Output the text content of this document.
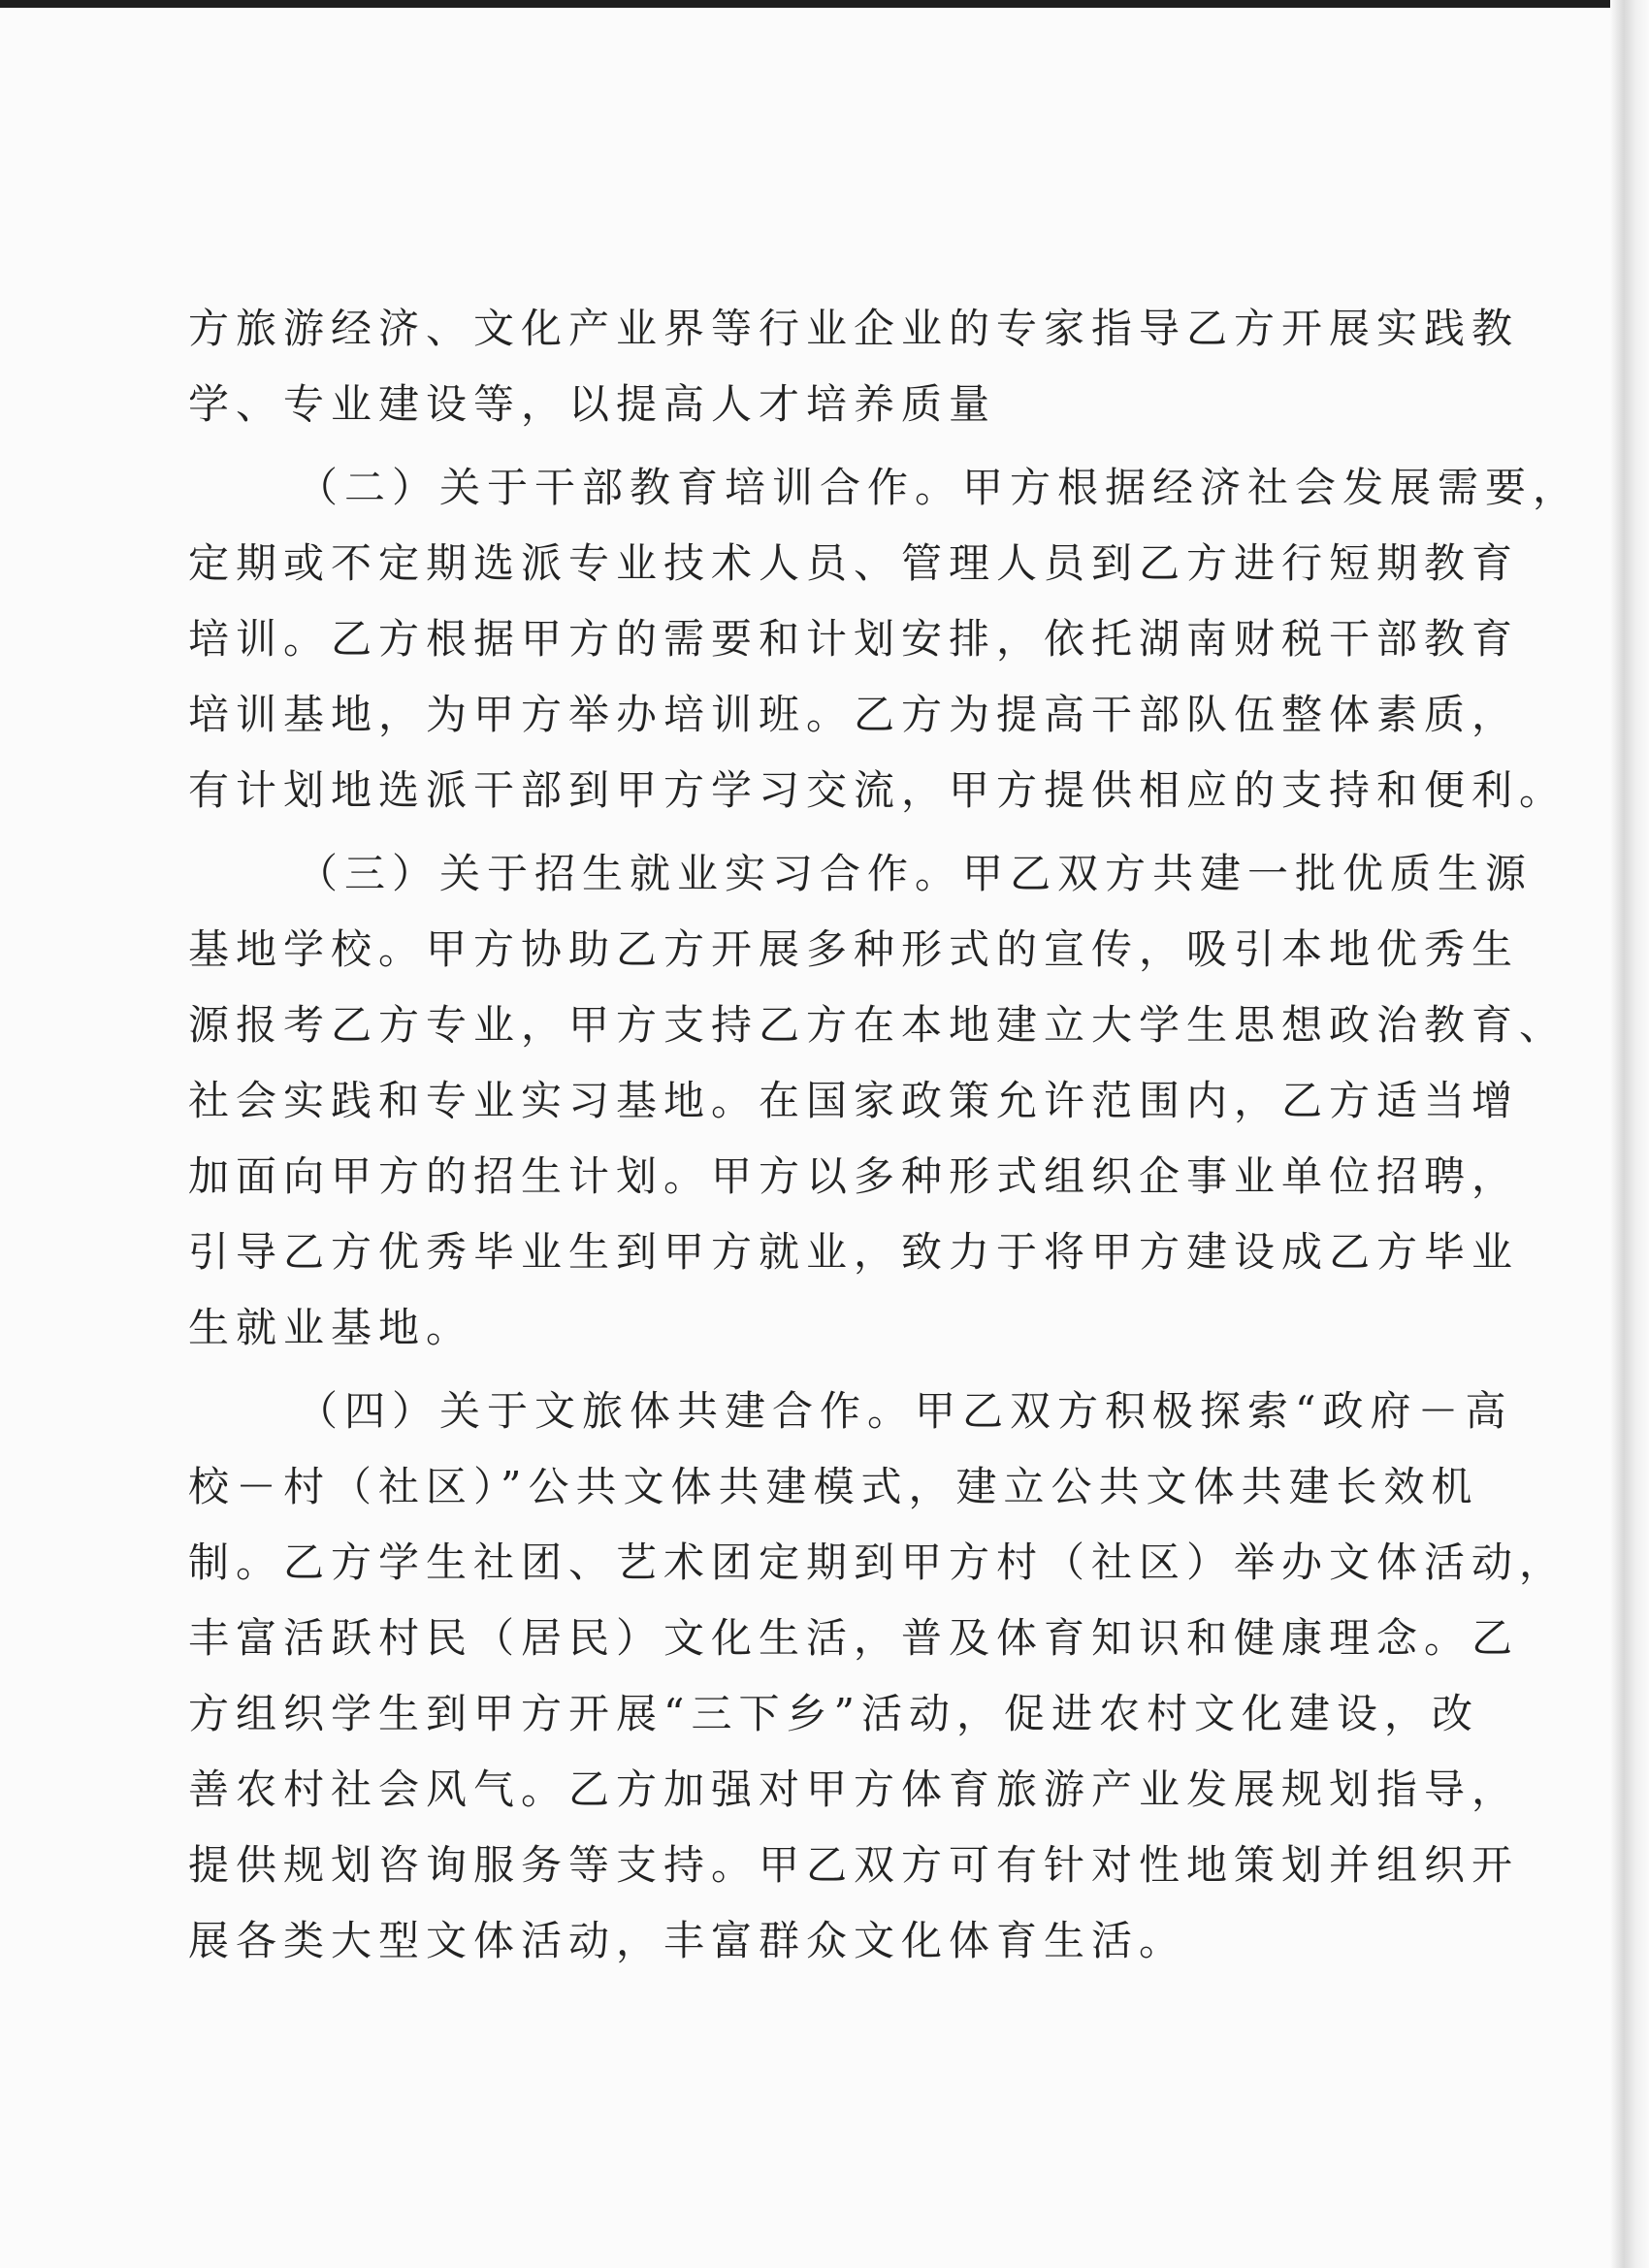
方旅游经济、文化产业界等行业企业的专家指导乙方开展实践教
学、专业建设等，以提高人才培养质量
（二）关于干部教育培训合作。甲方根据经济社会发展需要，
定期或不定期选派专业技术人员、管理人员到乙方进行短期教育
培训。乙方根据甲方的需要和计划安排，依托湖南财税干部教育
培训基地，为甲方举办培训班。乙方为提高干部队伍整体素质，
有计划地选派干部到甲方学习交流，甲方提供相应的支持和便利。
（三）关于招生就业实习合作。甲乙双方共建一批优质生源
基地学校。甲方协助乙方开展多种形式的宣传，吸引本地优秀生
源报考乙方专业，甲方支持乙方在本地建立大学生思想政治教育、
社会实践和专业实习基地。在国家政策允许范围内，乙方适当增
加面向甲方的招生计划。甲方以多种形式组织企事业单位招聘，
引导乙方优秀毕业生到甲方就业，致力于将甲方建设成乙方毕业
生就业基地。
（四）关于文旅体共建合作。甲乙双方积极探索“政府－高
校－村（社区）”公共文体共建模式，建立公共文体共建长效机
制。乙方学生社团、艺术团定期到甲方村（社区）举办文体活动，
丰富活跃村民（居民）文化生活，普及体育知识和健康理念。乙
方组织学生到甲方开展“三下乡”活动，促进农村文化建设，改
善农村社会风气。乙方加强对甲方体育旅游产业发展规划指导，
提供规划咨询服务等支持。甲乙双方可有针对性地策划并组织开
展各类大型文体活动，丰富群众文化体育生活。
